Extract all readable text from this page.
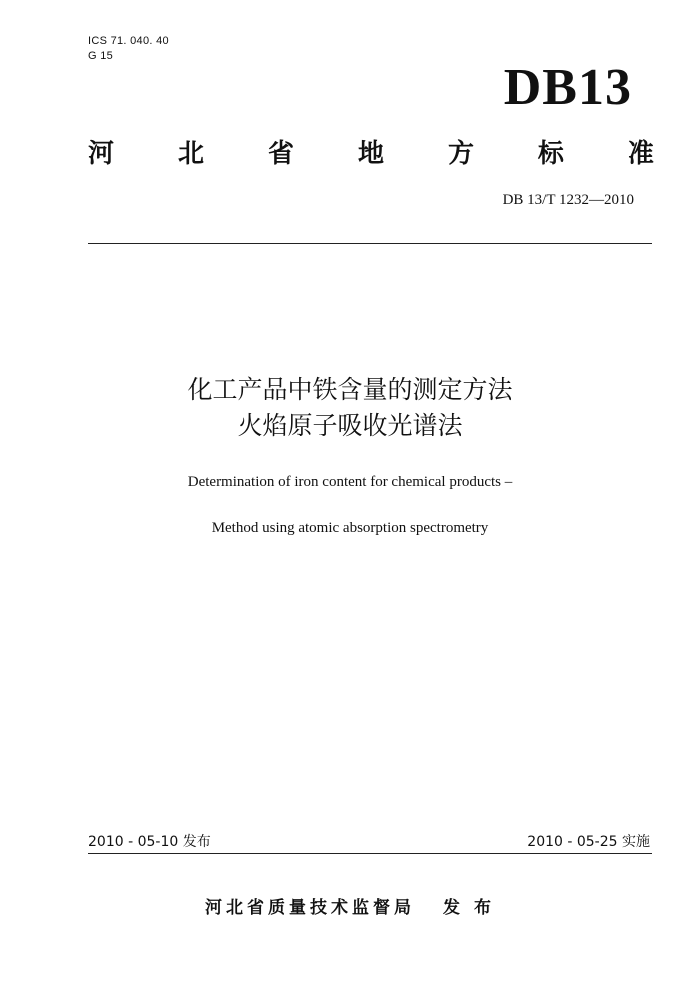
ICS 71. 040. 40
G 15
DB13
河 北 省 地 方 标 准
DB 13/T 1232—2010
化工产品中铁含量的测定方法
火焰原子吸收光谱法
Determination of iron content for chemical products –
Method using atomic absorption spectrometry
2010 - 05-10 发布	2010 - 05-25 实施
河北省质量技术监督局 发 布
